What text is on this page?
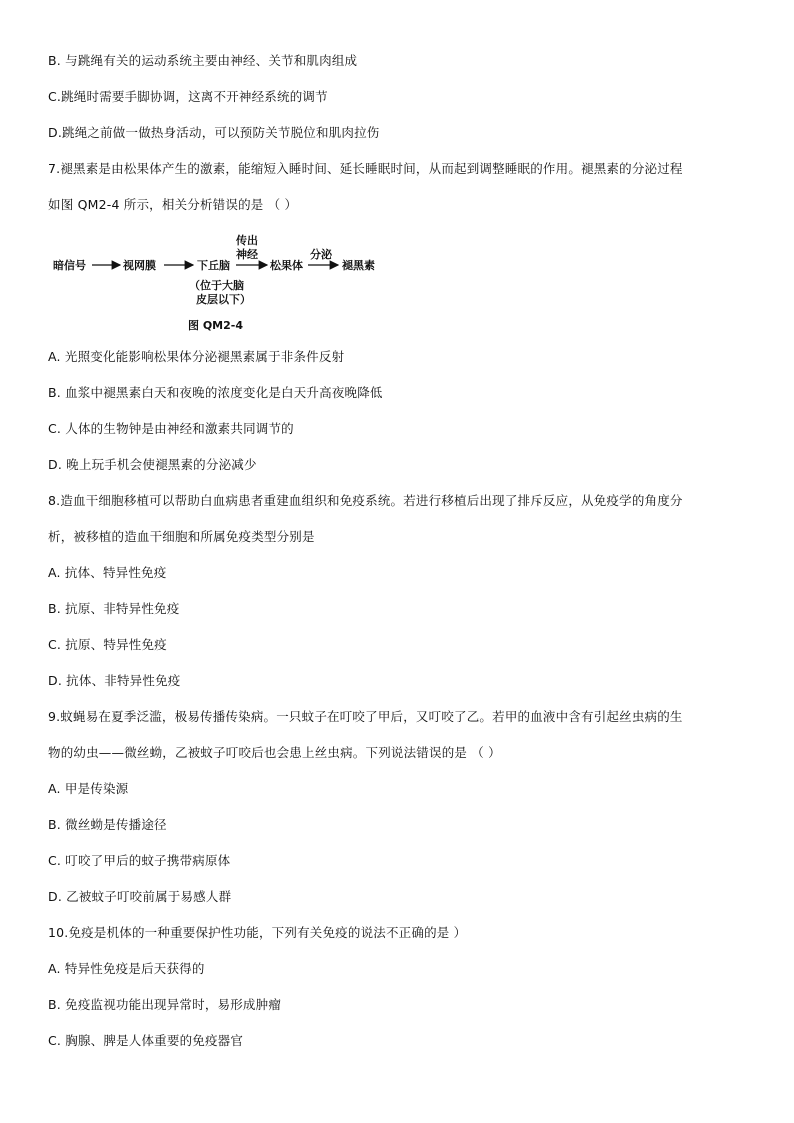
B. 与跳绳有关的运动系统主要由神经、关节和肌肉组成
C.跳绳时需要手脚协调，这离不开神经系统的调节
D.跳绳之前做一做热身活动，可以预防关节脱位和肌肉拉伤
7.褪黑素是由松果体产生的激素，能缩短入睡时间、延长睡眠时间，从而起到调整睡眠的作用。褪黑素的分泌过程
如图 QM2-4 所示，相关分析错误的是 （ ）
暗信号	视网膜	下丘脑
传出
神经
松果体
分泌
褪黑素
（位于大脑
皮层以下）
图 QM2-4
A. 光照变化能影响松果体分泌褪黑素属于非条件反射
B. 血浆中褪黑素白天和夜晚的浓度变化是白天升高夜晚降低
C. 人体的生物钟是由神经和激素共同调节的
D. 晚上玩手机会使褪黑素的分泌减少
8.造血干细胞移植可以帮助白血病患者重建血组织和免疫系统。若进行移植后出现了排斥反应，从免疫学的角度分
析，被移植的造血干细胞和所属免疫类型分别是
A. 抗体、特异性免疫
B. 抗原、非特异性免疫
C. 抗原、特异性免疫
D. 抗体、非特异性免疫
9.蚊蝇易在夏季泛滥，极易传播传染病。一只蚊子在叮咬了甲后，又叮咬了乙。若甲的血液中含有引起丝虫病的生
物的幼虫——微丝蚴，乙被蚊子叮咬后也会患上丝虫病。下列说法错误的是 （ ）
A. 甲是传染源
B. 微丝蚴是传播途径
C. 叮咬了甲后的蚊子携带病原体
D. 乙被蚊子叮咬前属于易感人群
10.免疫是机体的一种重要保护性功能，下列有关免疫的说法不正确的是 ）
A. 特异性免疫是后天获得的
B. 免疫监视功能出现异常时，易形成肿瘤
C. 胸腺、脾是人体重要的免疫器官
